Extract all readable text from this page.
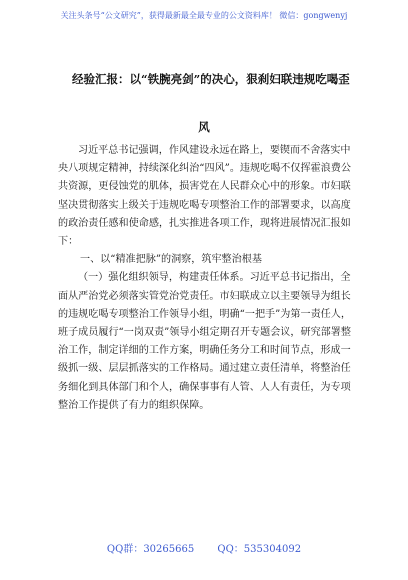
关注头条号“公文研究”，获得最新最全最专业的公文资料库！ 微信：gongwenyj
经验汇报：以“铁腕亮剑”的决心，狠刹妇联违规吃喝歪
风

习近平总书记强调，作风建设永远在路上，要锲而不舍落实中央八项规定精神，持续深化纠治“四风”。违规吃喝不仅挥霍浪费公共资源，更侵蚀党的肌体，损害党在人民群众心中的形象。市妇联坚决贯彻落实上级关于违规吃喝专项整治工作的部署要求，以高度的政治责任感和使命感，扎实推进各项工作，现将进展情况汇报如下：

一、以“精准把脉”的洞察，筑牢整治根基

（一）强化组织领导，构建责任体系。习近平总书记指出，全面从严治党必须落实管党治党责任。市妇联成立以主要领导为组长的违规吃喝专项整治工作领导小组，明确“一把手”为第一责任人，班子成员履行“一岗双责”领导小组定期召开专题会议，研究部署整治工作，制定详细的工作方案，明确任务分工和时间节点，形成一级抓一级、层层抓落实的工作格局。通过建立责任清单，将整治任务细化到具体部门和个人，确保事事有人管、人人有责任，为专项整治工作提供了有力的组织保障。

QQ群：30265665 QQ：535304092
